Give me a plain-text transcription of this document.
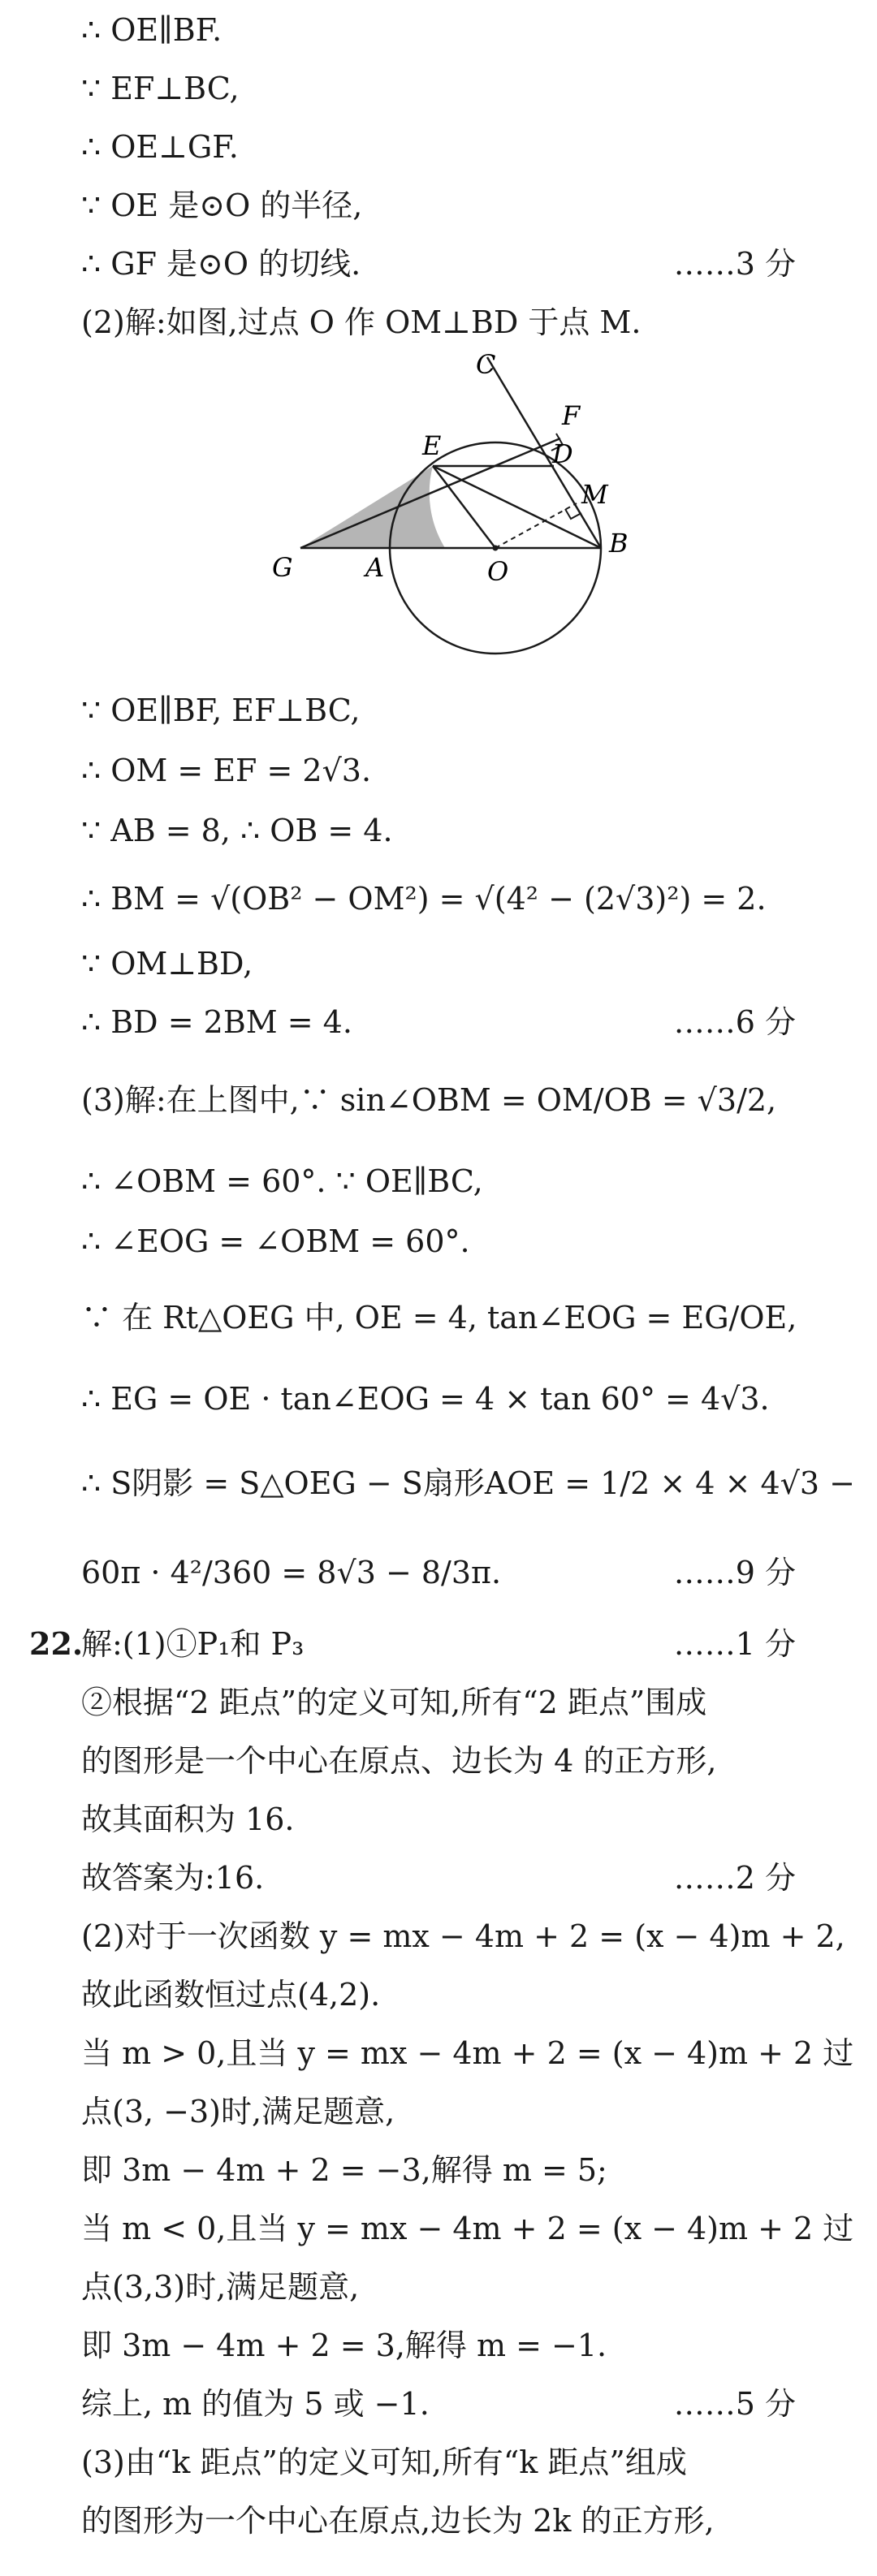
∴ OE∥BF.
∵ EF⊥BC,
∴ OE⊥GF.
∵ OE 是⊙O 的半径,
∴ GF 是⊙O 的切线.	……3 分
(2)解:如图,过点 O 作 OM⊥BD 于点 M.
C
F
E	D
M
G	A	O
B
∵ OE∥BF, EF⊥BC,
∴ OM = EF = 2√3.
∵ AB = 8, ∴ OB = 4.
∴ BM = √(OB² − OM²) = √(4² − (2√3)²) = 2.
∵ OM⊥BD,
∴ BD = 2BM = 4.	……6 分
(3)解:在上图中,∵ sin∠OBM = OM/OB = √3/2,
∴ ∠OBM = 60°. ∵ OE∥BC,
∴ ∠EOG = ∠OBM = 60°.
∵ 在 Rt△OEG 中, OE = 4, tan∠EOG = EG/OE,
∴ EG = OE · tan∠EOG = 4 × tan 60° = 4√3.
∴ S阴影 = S△OEG − S扇形AOE = 1/2 × 4 × 4√3 −
60π · 4²/360 = 8√3 − 8/3π.	……9 分
22.
解:(1)①P₁和 P₃	……1 分
②根据“2 距点”的定义可知,所有“2 距点”围成
的图形是一个中心在原点、边长为 4 的正方形,
故其面积为 16.
故答案为:16.	……2 分
(2)对于一次函数 y = mx − 4m + 2 = (x − 4)m + 2,
故此函数恒过点(4,2).
当 m > 0,且当 y = mx − 4m + 2 = (x − 4)m + 2 过
点(3, −3)时,满足题意,
即 3m − 4m + 2 = −3,解得 m = 5;
当 m < 0,且当 y = mx − 4m + 2 = (x − 4)m + 2 过
点(3,3)时,满足题意,
即 3m − 4m + 2 = 3,解得 m = −1.
综上, m 的值为 5 或 −1.	……5 分
(3)由“k 距点”的定义可知,所有“k 距点”组成
的图形为一个中心在原点,边长为 2k 的正方形,
